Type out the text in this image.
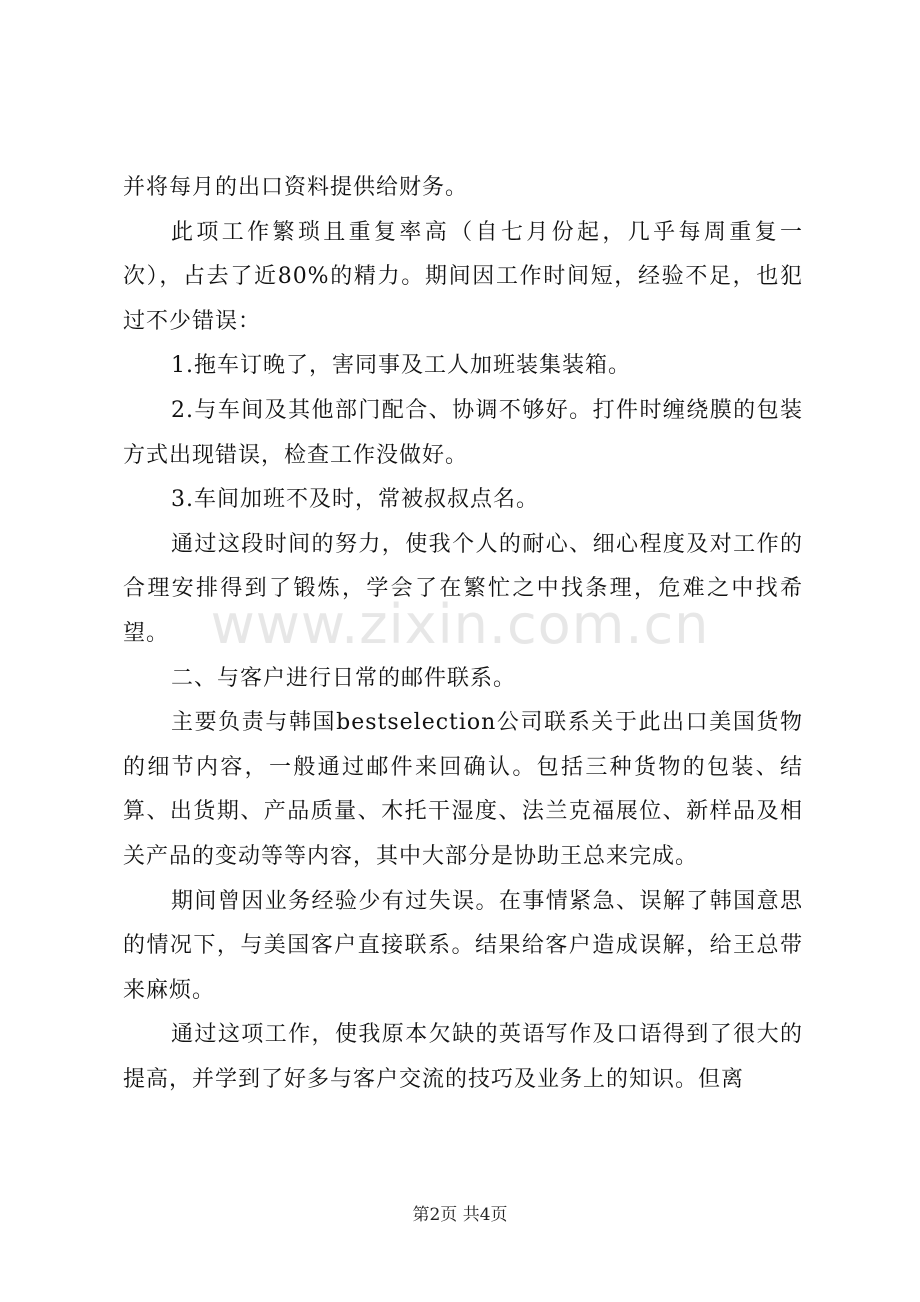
并将每月的出口资料提供给财务。

此项工作繁琐且重复率高（自七月份起，几乎每周重复一次），占去了近80%的精力。期间因工作时间短，经验不足，也犯过不少错误：

1.拖车订晚了，害同事及工人加班装集装箱。

2.与车间及其他部门配合、协调不够好。打件时缠绕膜的包装方式出现错误，检查工作没做好。

3.车间加班不及时，常被叔叔点名。

通过这段时间的努力，使我个人的耐心、细心程度及对工作的合理安排得到了锻炼，学会了在繁忙之中找条理，危难之中找希望。

二、与客户进行日常的邮件联系。

主要负责与韩国bestselection公司联系关于此出口美国货物的细节内容，一般通过邮件来回确认。包括三种货物的包装、结算、出货期、产品质量、木托干湿度、法兰克福展位、新样品及相关产品的变动等等内容，其中大部分是协助王总来完成。

期间曾因业务经验少有过失误。在事情紧急、误解了韩国意思的情况下，与美国客户直接联系。结果给客户造成误解，给王总带来麻烦。

通过这项工作，使我原本欠缺的英语写作及口语得到了很大的提高，并学到了好多与客户交流的技巧及业务上的知识。但离

www.zixin.com.cn
第2页 共4页
